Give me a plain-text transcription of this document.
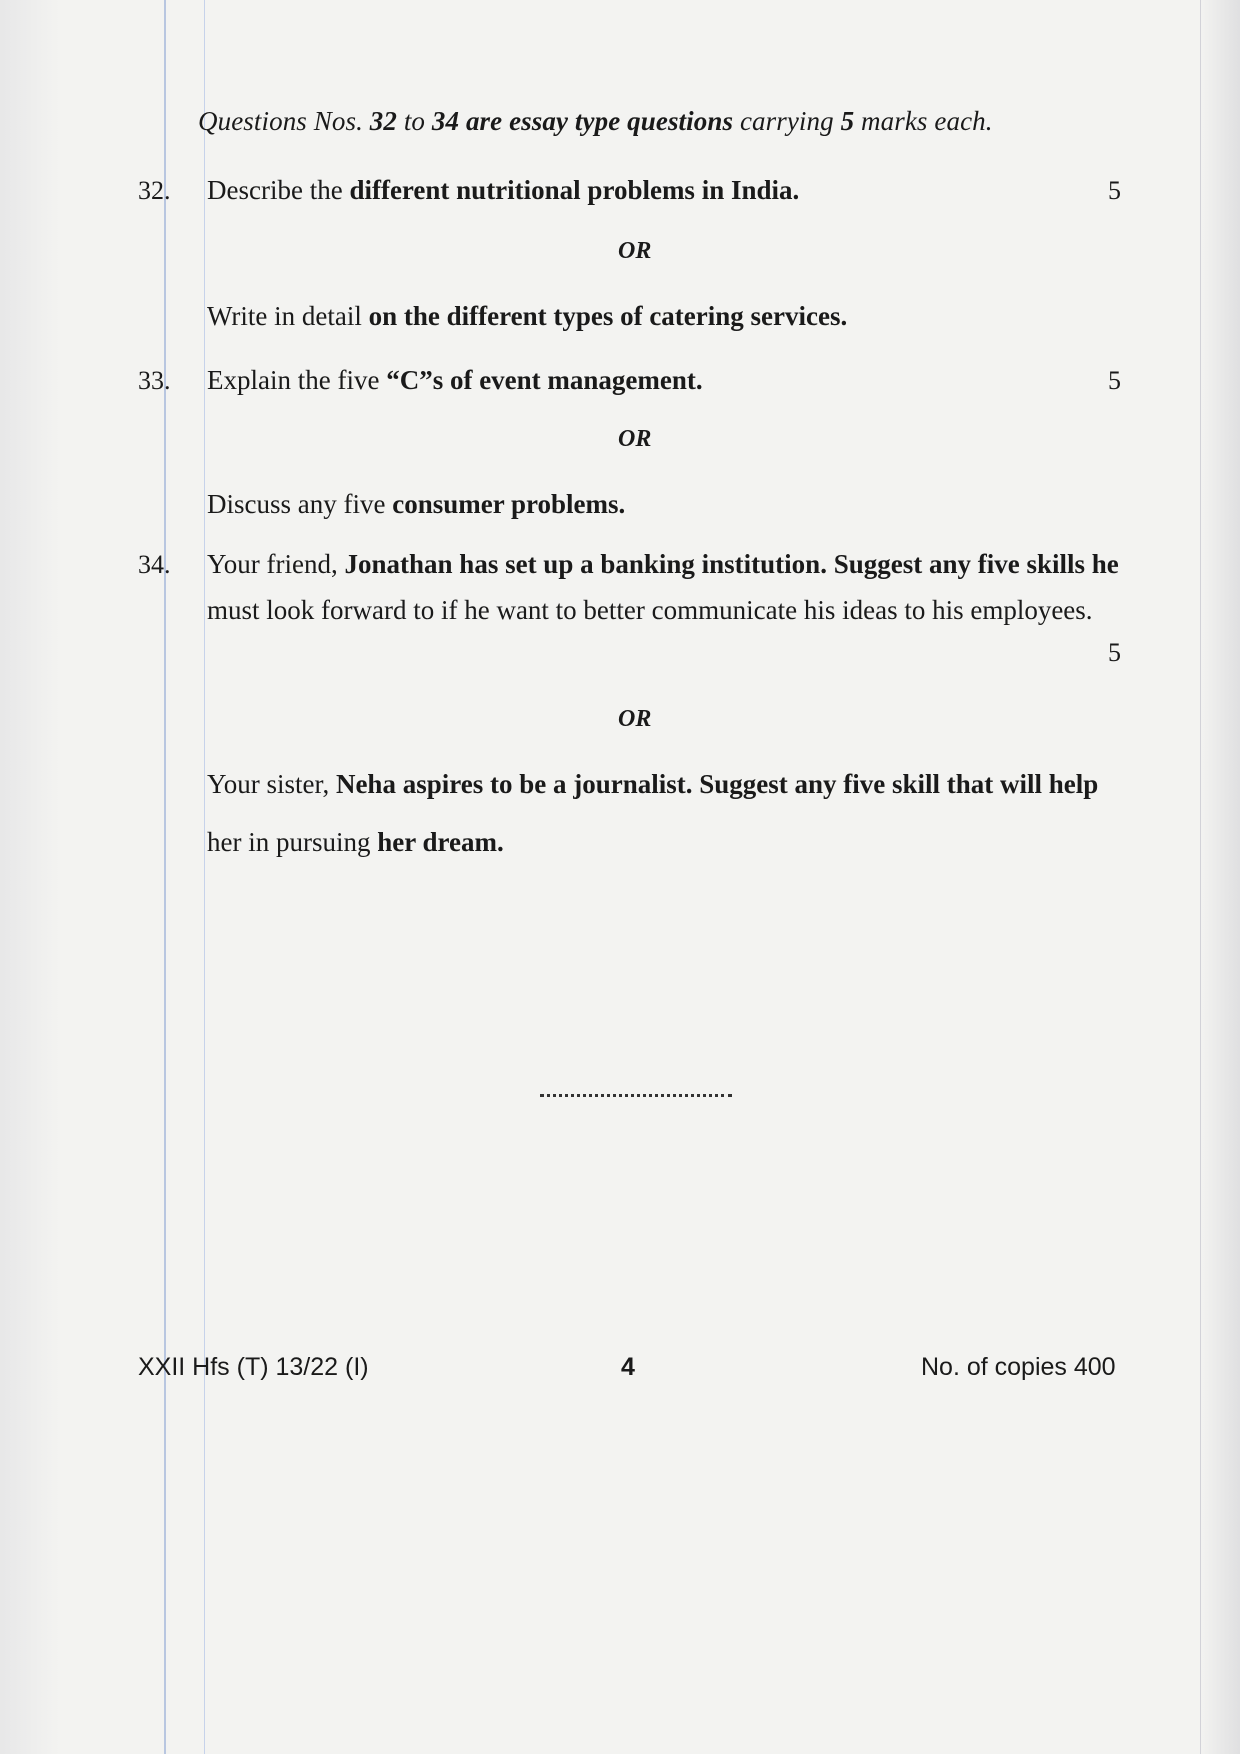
Questions Nos. 32 to 34 are essay type questions carrying 5 marks each.
32. Describe the different nutritional problems in India.	5
OR
Write in detail on the different types of catering services.
33. Explain the five “C”s of event management.	5
OR
Discuss any five consumer problems.
34. Your friend, Jonathan has set up a banking institution. Suggest any five skills he
must look forward to if he want to better communicate his ideas to his employees.
5
OR
Your sister, Neha aspires to be a journalist. Suggest any five skill that will help
her in pursuing her dream.
XXII Hfs (T) 13/22 (I)	4	No. of copies 400
